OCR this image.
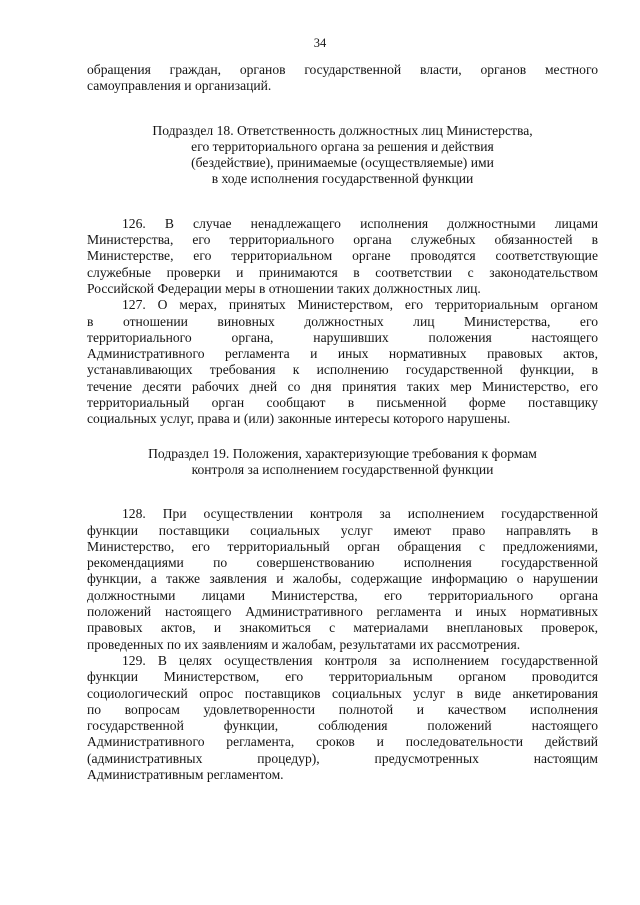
34
обращения граждан, органов государственной власти, органов местного
самоуправления и организаций.
Подраздел 18. Ответственность должностных лиц Министерства,
его территориального органа за решения и действия
(бездействие), принимаемые (осуществляемые) ими
в ходе исполнения государственной функции
126. В случае ненадлежащего исполнения должностными лицами
Министерства, его территориального органа служебных обязанностей в
Министерстве, его территориальном органе проводятся соответствующие
служебные проверки и принимаются в соответствии с законодательством
Российской Федерации меры в отношении таких должностных лиц.
127. О мерах, принятых Министерством, его территориальным органом
в отношении виновных должностных лиц Министерства, его
территориального органа, нарушивших положения настоящего
Административного регламента и иных нормативных правовых актов,
устанавливающих требования к исполнению государственной функции, в
течение десяти рабочих дней со дня принятия таких мер Министерство, его
территориальный орган сообщают в письменной форме поставщику
социальных услуг, права и (или) законные интересы которого нарушены.
Подраздел 19. Положения, характеризующие требования к формам
контроля за исполнением государственной функции
128. При осуществлении контроля за исполнением государственной
функции поставщики социальных услуг имеют право направлять в
Министерство, его территориальный орган обращения с предложениями,
рекомендациями по совершенствованию исполнения государственной
функции, а также заявления и жалобы, содержащие информацию о нарушении
должностными лицами Министерства, его территориального органа
положений настоящего Административного регламента и иных нормативных
правовых актов, и знакомиться с материалами внеплановых проверок,
проведенных по их заявлениям и жалобам, результатами их рассмотрения.
129. В целях осуществления контроля за исполнением государственной
функции Министерством, его территориальным органом проводится
социологический опрос поставщиков социальных услуг в виде анкетирования
по вопросам удовлетворенности полнотой и качеством исполнения
государственной функции, соблюдения положений настоящего
Административного регламента, сроков и последовательности действий
(административных процедур), предусмотренных настоящим
Административным регламентом.
